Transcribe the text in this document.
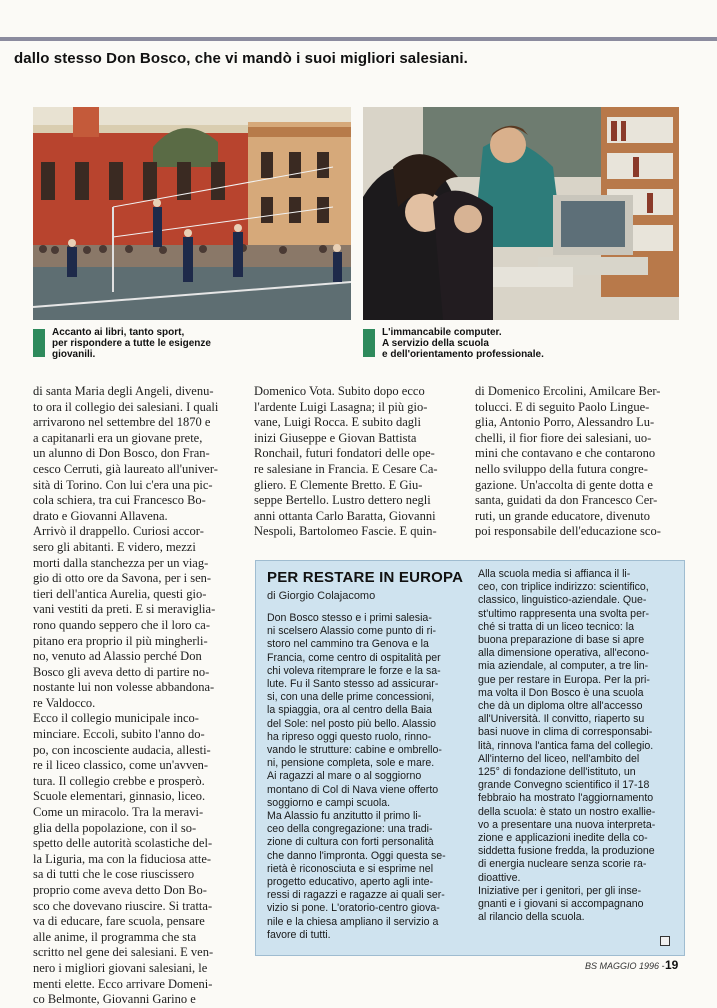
dallo stesso Don Bosco, che vi mandò i suoi migliori salesiani.
Accanto ai libri, tanto sport,
per rispondere a tutte le esigenze
giovanili.
L'immancabile computer.
A servizio della scuola
e dell'orientamento professionale.
di santa Maria degli Angeli, divenu-
to ora il collegio dei salesiani. I quali
arrivarono nel settembre del 1870 e
a capitanarli era un giovane prete,
un alunno di Don Bosco, don Fran-
cesco Cerruti, già laureato all'univer-
sità di Torino. Con lui c'era una pic-
cola schiera, tra cui Francesco Bo-
drato e Giovanni Allavena.
Arrivò il drappello. Curiosi accor-
sero gli abitanti. E videro, mezzi
morti dalla stanchezza per un viag-
gio di otto ore da Savona, per i sen-
tieri dell'antica Aurelia, questi gio-
vani vestiti da preti. E si meraviglia-
rono quando seppero che il loro ca-
pitano era proprio il più mingherli-
no, venuto ad Alassio perché Don
Bosco gli aveva detto di partire no-
nostante lui non volesse abbandona-
re Valdocco.
Ecco il collegio municipale inco-
minciare. Eccoli, subito l'anno do-
po, con incosciente audacia, allesti-
re il liceo classico, come un'avven-
tura. Il collegio crebbe e prosperò.
Scuole elementari, ginnasio, liceo.
Come un miracolo. Tra la meravi-
glia della popolazione, con il so-
spetto delle autorità scolastiche del-
la Liguria, ma con la fiduciosa atte-
sa di tutti che le cose riuscissero
proprio come aveva detto Don Bo-
sco che dovevano riuscire. Si tratta-
va di educare, fare scuola, pensare
alle anime, il programma che sta
scritto nel gene dei salesiani. E ven-
nero i migliori giovani salesiani, le
menti elette. Ecco arrivare Domeni-
co Belmonte, Giovanni Garino e
Domenico Vota. Subito dopo ecco
l'ardente Luigi Lasagna; il più gio-
vane, Luigi Rocca. E subito dagli
inizi Giuseppe e Giovan Battista
Ronchail, futuri fondatori delle ope-
re salesiane in Francia. E Cesare Ca-
gliero. E Clemente Bretto. E Giu-
seppe Bertello. Lustro dettero negli
anni ottanta Carlo Baratta, Giovanni
Nespoli, Bartolomeo Fascie. E quin-
di Domenico Ercolini, Amilcare Ber-
tolucci. E di seguito Paolo Lingue-
glia, Antonio Porro, Alessandro Lu-
chelli, il fior fiore dei salesiani, uo-
mini che contavano e che contarono
nello sviluppo della futura congre-
gazione. Un'accolta di gente dotta e
santa, guidati da don Francesco Cer-
ruti, un grande educatore, divenuto
poi responsabile dell'educazione sco-
PER RESTARE IN EUROPA
di Giorgio Colajacomo
Don Bosco stesso e i primi salesia-
ni scelsero Alassio come punto di ri-
storo nel cammino tra Genova e la
Francia, come centro di ospitalità per
chi voleva ritemprare le forze e la sa-
lute. Fu il Santo stesso ad assicurar-
si, con una delle prime concessioni,
la spiaggia, ora al centro della Baia
del Sole: nel posto più bello. Alassio
ha ripreso oggi questo ruolo, rinno-
vando le strutture: cabine e ombrello-
ni, pensione completa, sole e mare.
Ai ragazzi al mare o al soggiorno
montano di Col di Nava viene offerto
soggiorno e campi scuola.
Ma Alassio fu anzitutto il primo li-
ceo della congregazione: una tradi-
zione di cultura con forti personalità
che danno l'impronta. Oggi questa se-
rietà è riconosciuta e si esprime nel
progetto educativo, aperto agli inte-
ressi di ragazzi e ragazze ai quali ser-
vizio si pone. L'oratorio-centro giova-
nile e la chiesa ampliano il servizio a
favore di tutti.
Alla scuola media si affianca il li-
ceo, con triplice indirizzo: scientifico,
classico, linguistico-aziendale. Que-
st'ultimo rappresenta una svolta per-
ché si tratta di un liceo tecnico: la
buona preparazione di base si apre
alla dimensione operativa, all'econo-
mia aziendale, al computer, a tre lin-
gue per restare in Europa. Per la pri-
ma volta il Don Bosco è una scuola
che dà un diploma oltre all'accesso
all'Università. Il convitto, riaperto su
basi nuove in clima di corresponsabi-
lità, rinnova l'antica fama del collegio.
All'interno del liceo, nell'ambito del
125° di fondazione dell'istituto, un
grande Convegno scientifico il 17-18
febbraio ha mostrato l'aggiornamento
della scuola: è stato un nostro exallie-
vo a presentare una nuova interpreta-
zione e applicazioni inedite della co-
siddetta fusione fredda, la produzione
di energia nucleare senza scorie ra-
dioattive.
Iniziative per i genitori, per gli inse-
gnanti e i giovani si accompagnano
al rilancio della scuola.
BS MAGGIO 1996 - 19
